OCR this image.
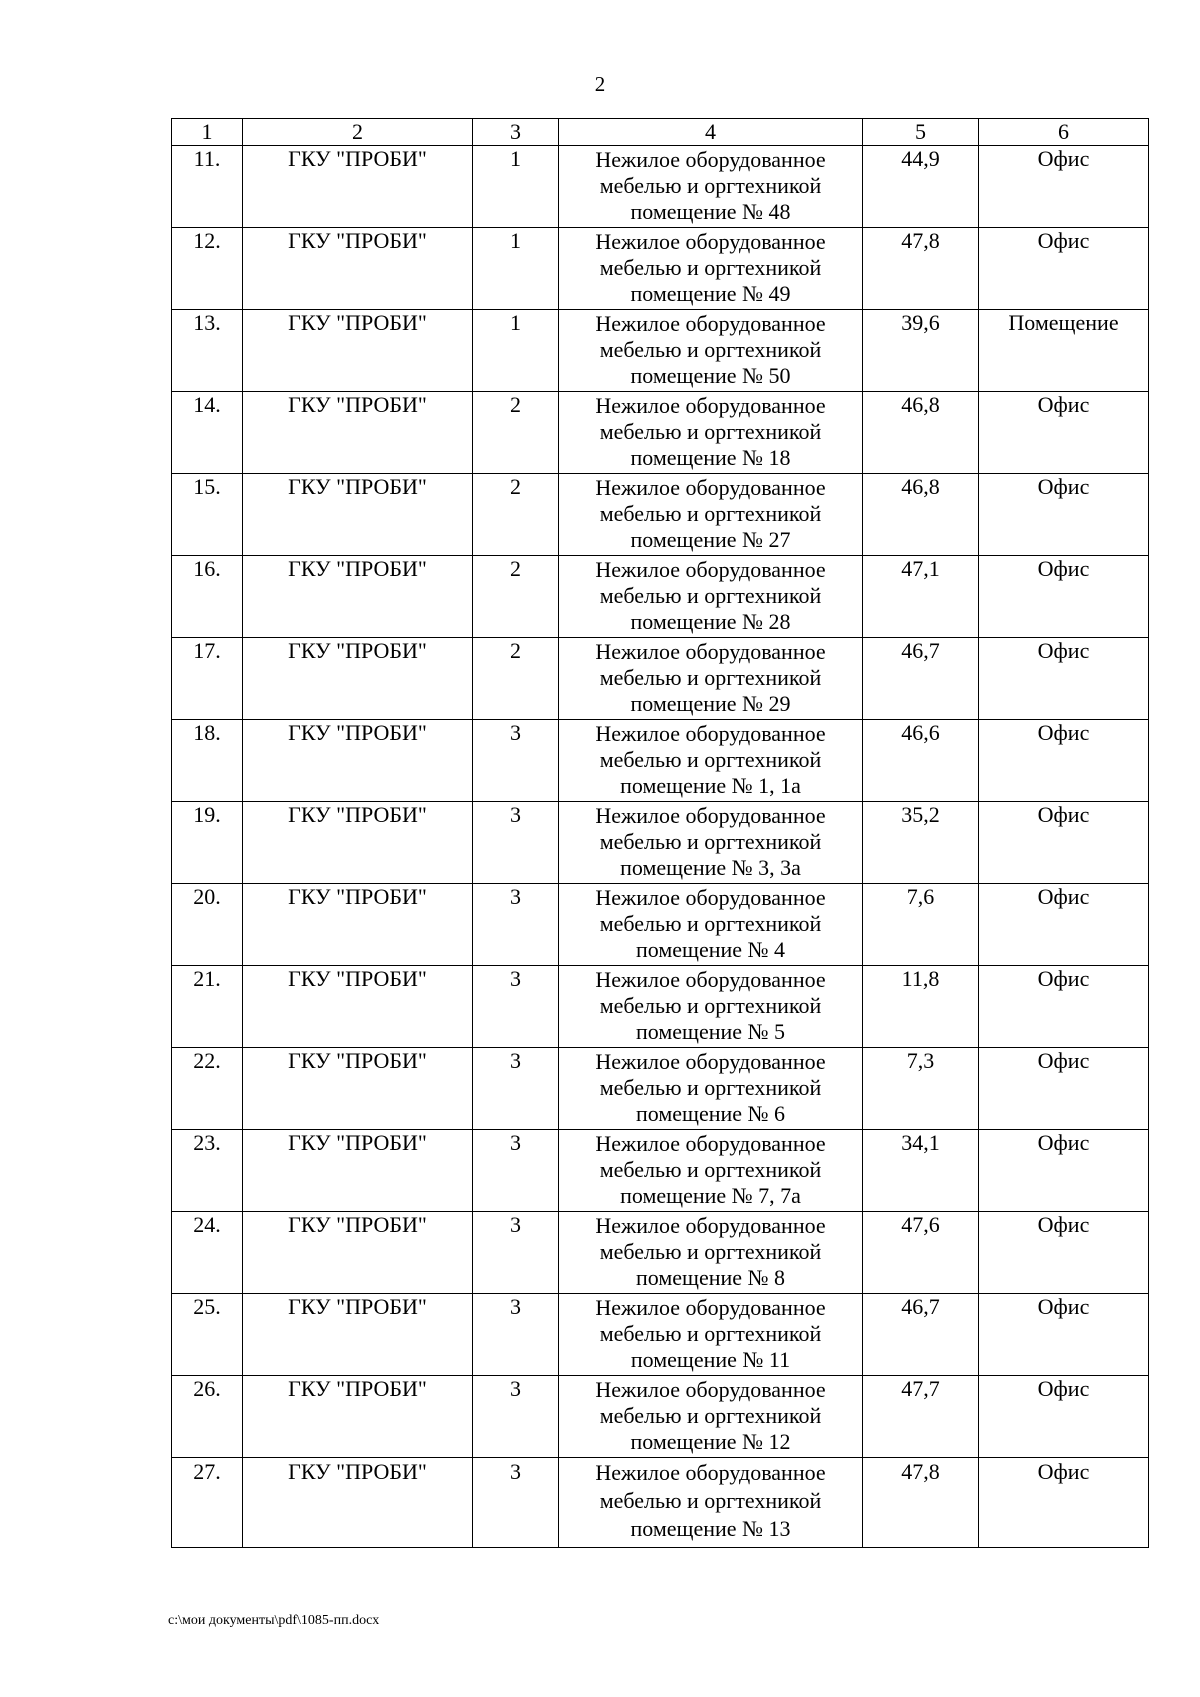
2
1	2	3	4	5	6
11.	ГКУ "ПРОБИ"	1	Нежилое оборудованное
мебелью и оргтехникой
помещение № 48	44,9	Офис
12.	ГКУ "ПРОБИ"	1	Нежилое оборудованное
мебелью и оргтехникой
помещение № 49	47,8	Офис
13.	ГКУ "ПРОБИ"	1	Нежилое оборудованное
мебелью и оргтехникой
помещение № 50	39,6	Помещение
14.	ГКУ "ПРОБИ"	2	Нежилое оборудованное
мебелью и оргтехникой
помещение № 18	46,8	Офис
15.	ГКУ "ПРОБИ"	2	Нежилое оборудованное
мебелью и оргтехникой
помещение № 27	46,8	Офис
16.	ГКУ "ПРОБИ"	2	Нежилое оборудованное
мебелью и оргтехникой
помещение № 28	47,1	Офис
17.	ГКУ "ПРОБИ"	2	Нежилое оборудованное
мебелью и оргтехникой
помещение № 29	46,7	Офис
18.	ГКУ "ПРОБИ"	3	Нежилое оборудованное
мебелью и оргтехникой
помещение № 1, 1а	46,6	Офис
19.	ГКУ "ПРОБИ"	3	Нежилое оборудованное
мебелью и оргтехникой
помещение № 3, 3а	35,2	Офис
20.	ГКУ "ПРОБИ"	3	Нежилое оборудованное
мебелью и оргтехникой
помещение № 4	7,6	Офис
21.	ГКУ "ПРОБИ"	3	Нежилое оборудованное
мебелью и оргтехникой
помещение № 5	11,8	Офис
22.	ГКУ "ПРОБИ"	3	Нежилое оборудованное
мебелью и оргтехникой
помещение № 6	7,3	Офис
23.	ГКУ "ПРОБИ"	3	Нежилое оборудованное
мебелью и оргтехникой
помещение № 7, 7а	34,1	Офис
24.	ГКУ "ПРОБИ"	3	Нежилое оборудованное
мебелью и оргтехникой
помещение № 8	47,6	Офис
25.	ГКУ "ПРОБИ"	3	Нежилое оборудованное
мебелью и оргтехникой
помещение № 11	46,7	Офис
26.	ГКУ "ПРОБИ"	3	Нежилое оборудованное
мебелью и оргтехникой
помещение № 12	47,7	Офис
27.	ГКУ "ПРОБИ"	3	Нежилое оборудованное
мебелью и оргтехникой
помещение № 13	47,8	Офис
c:\мои документы\pdf\1085-пп.docx
